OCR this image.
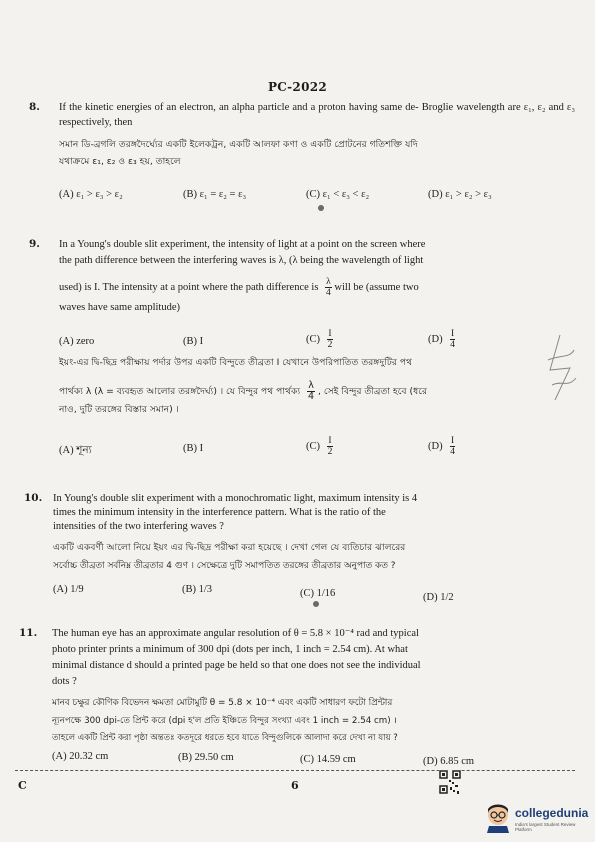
PC-2022
8. If the kinetic energies of an electron, an alpha particle and a proton having same de- Broglie wavelength are ε₁, ε₂ and ε₃ respectively, then
সমান ডি-ব্রগলি তরঙ্গদৈর্ঘ্যের একটি ইলেকট্রন, একটি আলফা কণা ও একটি প্রোটনের গতিশক্তি যদি
যথাক্রমে ε₁, ε₂ ও ε₃ হয়, তাহলে
(A) ε₁ > ε₃ > ε₂	(B) ε₁ = ε₂ = ε₃	(C) ε₁ < ε₃ < ε₂	(D) ε₁ > ε₂ > ε₃
9. In a Young's double slit experiment, the intensity of light at a point on the screen where
the path difference between the interfering waves is λ, (λ being the wavelength of light
used) is I. The intensity at a point where the path difference is $\frac{\lambda}{4}$ will be (assume two
waves have same amplitude)
(A) zero	(B) I	$(C) \frac{I}{2}$	$(D) \frac{I}{4}$
ইয়ং-এর দ্বি-ছিদ্র পরীক্ষায় পর্দার উপর একটি বিন্দুতে তীব্রতা I যেখানে উপরিপাতিত তরঙ্গদুটির পথ
পার্থক্য λ (λ = ব্যবহৃত আলোর তরঙ্গদৈর্ঘ্য) । যে বিন্দুর পথ পার্থক্য $\frac{\lambda}{4}$ , সেই বিন্দুর তীব্রতা হবে (ধরে
নাও, দুটি তরঙ্গের বিস্তার সমান) ।
(A) শূন্য	(B) I	$(C) \frac{I}{2}$	$(D) \frac{I}{4}$
10. In Young's double slit experiment with a monochromatic light, maximum intensity is 4
times the minimum intensity in the interference pattern. What is the ratio of the
intensities of the two interfering waves ?
একটি একবর্ণী আলো নিয়ে ইয়ং এর দ্বি-ছিদ্র পরীক্ষা করা হয়েছে । দেখা গেল যে ব্যতিচার ঝালরের
সর্বোচ্চ তীব্রতা সর্বনিম্ন তীব্রতার 4 গুণ । সেক্ষেত্রে দুটি সমাপতিত তরঙ্গের তীব্রতার অনুপাত কত ?
(A) 1/9	(B) 1/3	(C) 1/16	(D) 1/2
11. The human eye has an approximate angular resolution of θ = 5.8 × 10⁻⁴ rad and typical
photo printer prints a minimum of 300 dpi (dots per inch, 1 inch = 2.54 cm). At what
minimal distance d should a printed page be held so that one does not see the individual
dots ?
মানব চক্ষুর কৌণিক বিভেদন ক্ষমতা মোটামুটি θ = 5.8 × 10⁻⁴ এবং একটি সাধারণ ফটো প্রিন্টার
ন্যূনপক্ষে 300 dpi-তে প্রিন্ট করে (dpi হ'ল প্রতি ইঞ্চিতে বিন্দুর সংখ্যা এবং 1 inch = 2.54 cm) ।
তাহলে একটি প্রিন্ট করা পৃষ্ঠা অন্ততঃ কতদূরে ধরতে হবে যাতে বিন্দুগুলিকে আলাদা করে দেখা না যায় ?
(A) 20.32 cm	(B) 29.50 cm	(C) 14.59 cm	(D) 6.85 cm
C	6
collegedunia
India's largest Student Review Platform
